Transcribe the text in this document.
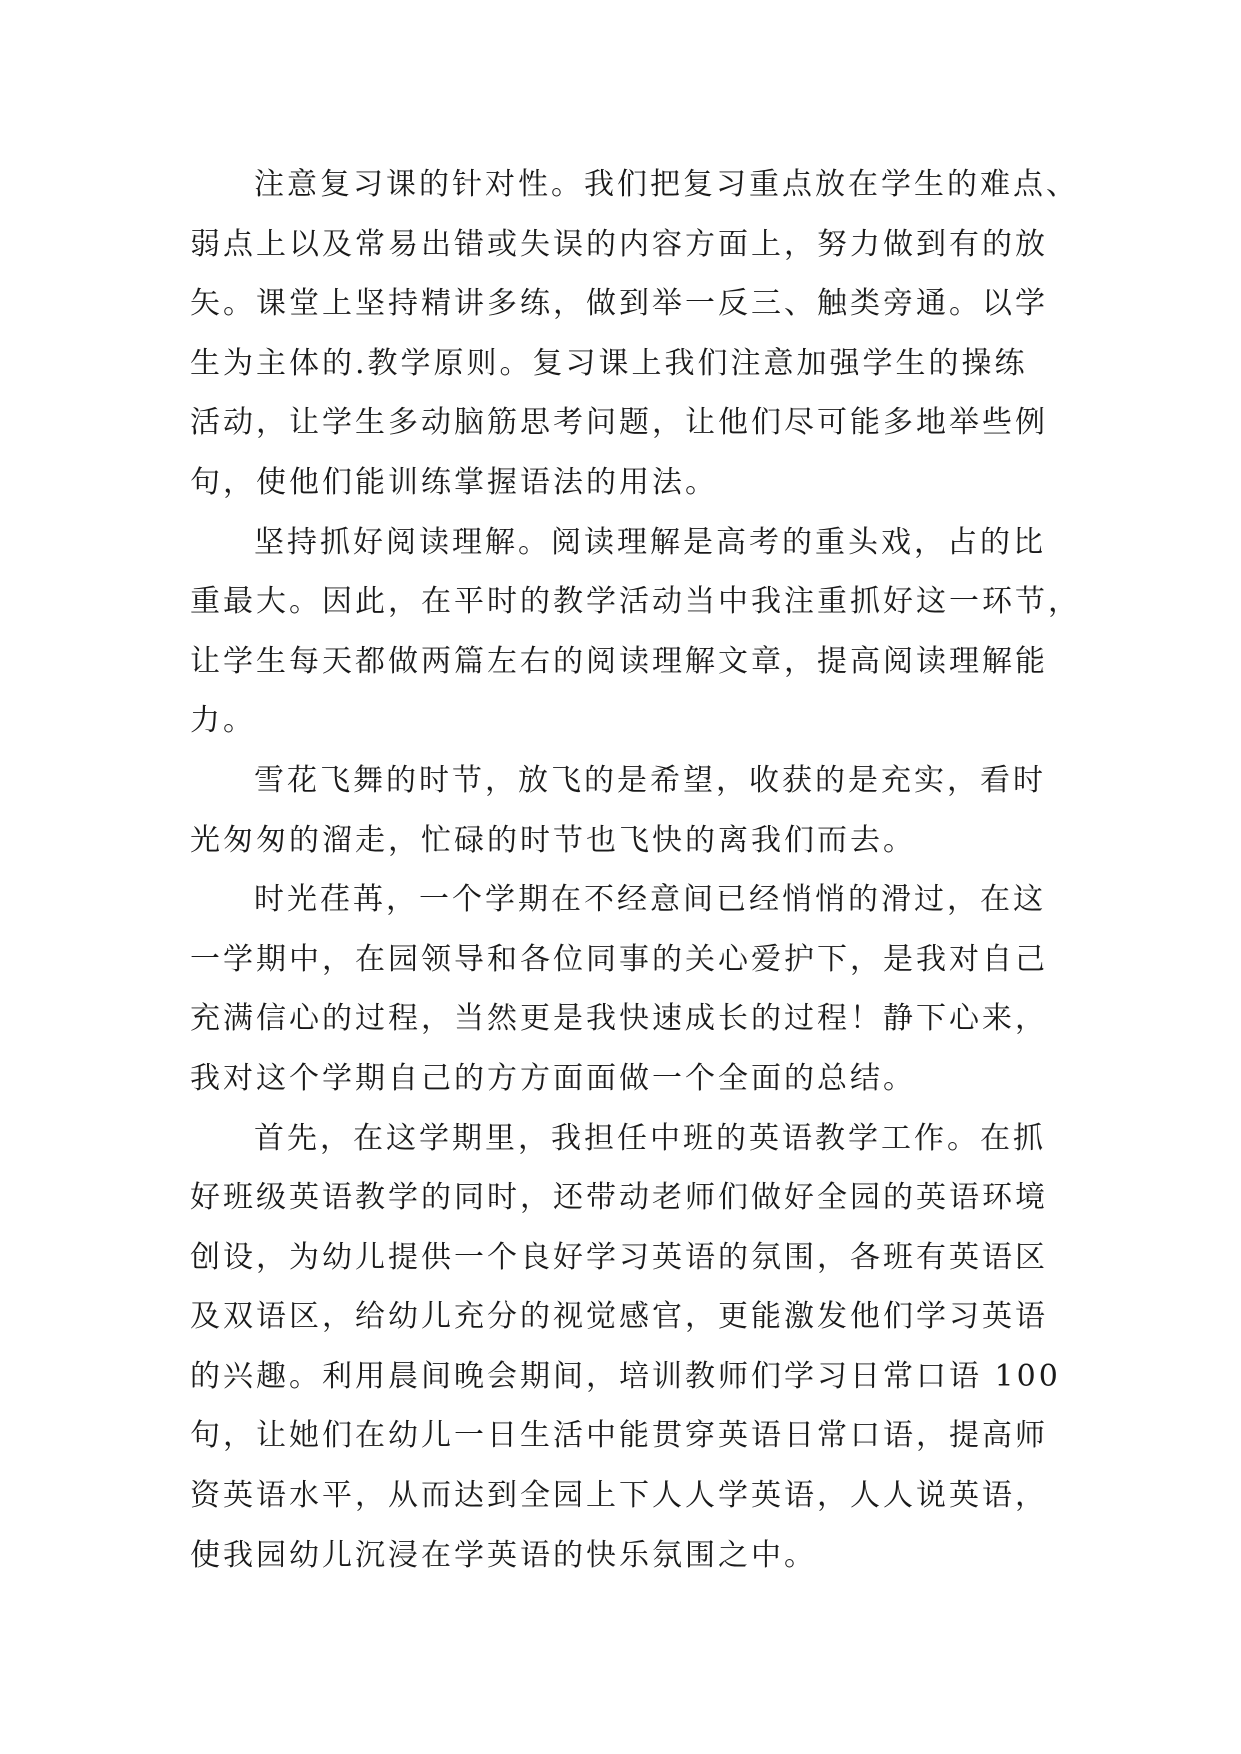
注意复习课的针对性。我们把复习重点放在学生的难点、
弱点上以及常易出错或失误的内容方面上，努力做到有的放
矢。课堂上坚持精讲多练，做到举一反三、触类旁通。以学
生为主体的.教学原则。复习课上我们注意加强学生的操练
活动，让学生多动脑筋思考问题，让他们尽可能多地举些例
句，使他们能训练掌握语法的用法。
坚持抓好阅读理解。阅读理解是高考的重头戏，占的比
重最大。因此，在平时的教学活动当中我注重抓好这一环节，
让学生每天都做两篇左右的阅读理解文章，提高阅读理解能
力。
雪花飞舞的时节，放飞的是希望，收获的是充实，看时
光匆匆的溜走，忙碌的时节也飞快的离我们而去。
时光荏苒，一个学期在不经意间已经悄悄的滑过，在这
一学期中，在园领导和各位同事的关心爱护下，是我对自己
充满信心的过程，当然更是我快速成长的过程！静下心来，
我对这个学期自己的方方面面做一个全面的总结。
首先，在这学期里，我担任中班的英语教学工作。在抓
好班级英语教学的同时，还带动老师们做好全园的英语环境
创设，为幼儿提供一个良好学习英语的氛围，各班有英语区
及双语区，给幼儿充分的视觉感官，更能激发他们学习英语
的兴趣。利用晨间晚会期间，培训教师们学习日常口语 100
句，让她们在幼儿一日生活中能贯穿英语日常口语，提高师
资英语水平，从而达到全园上下人人学英语，人人说英语，
使我园幼儿沉浸在学英语的快乐氛围之中。
